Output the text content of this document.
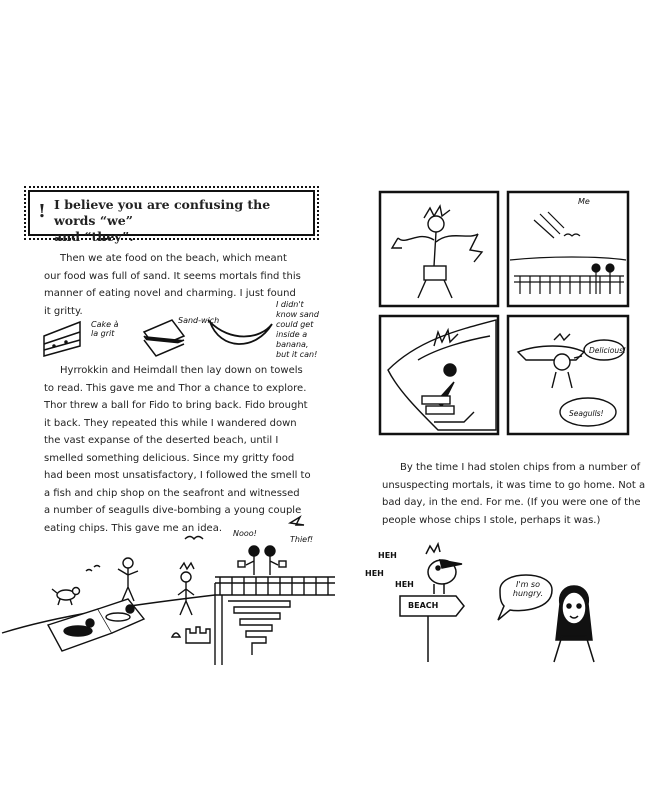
! I believe you are confusing the words “we”
and “they”.
Then we ate food on the beach, which meant
our food was full of sand. It seems mortals find this
manner of eating novel and charming. I just found
it gritty.
Cake à
la grit
Sand-wich
I didn't
know sand
could get
inside a
banana,
but it can!
Hyrrokkin and Heimdall then lay down on towels
to read. This gave me and Thor a chance to explore.
Thor threw a ball for Fido to bring back. Fido brought
it back. They repeated this while I wandered down
the vast expanse of the deserted beach, until I
smelled something delicious. Since my gritty food
had been most unsatisfactory, I followed the smell to
a fish and chip shop on the seafront and witnessed
a number of seagulls dive-bombing a young couple
eating chips. This gave me an idea.	Nooo!
Thief!
Me
Delicious!
Seagulls!
By the time I had stolen chips from a number of
unsuspecting mortals, it was time to go home. Not a
bad day, in the end. For me. (If you were one of the
people whose chips I stole, perhaps it was.)
HEH
HEH
HEH
BEACH
I'm so
hungry.
